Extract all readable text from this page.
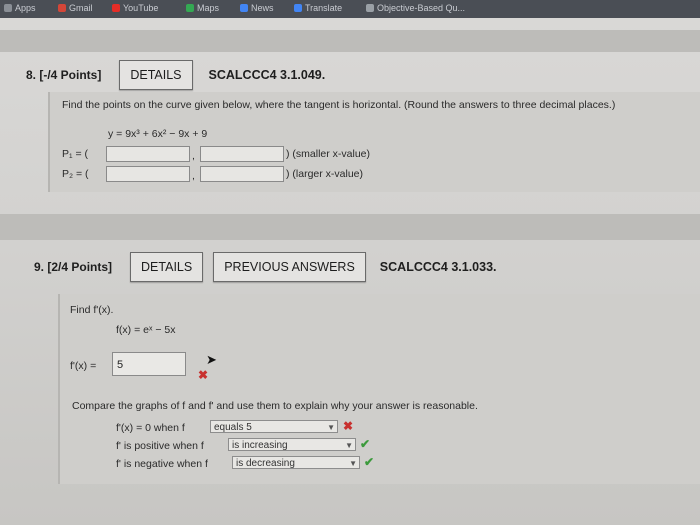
Apps	Gmail	YouTube	Maps	News	Translate	Objective-Based Qu...
8. [-/4 Points]	DETAILS	SCALCCC4 3.1.049.
Find the points on the curve given below, where the tangent is horizontal. (Round the answers to three decimal places.)
y = 9x³ + 6x² − 9x + 9
P₁ = (	,	) (smaller x-value)
P₂ = (	,	) (larger x-value)
9. [2/4 Points]	DETAILS	PREVIOUS ANSWERS	SCALCCC4 3.1.033.
Find f'(x).
f(x) = eˣ − 5x
f'(x) =	5	➤
✖
Compare the graphs of f and f' and use them to explain why your answer is reasonable.
f'(x) = 0 when f	equals 5	▼ ✖
f' is positive when f	is increasing	▼ ✔
f' is negative when f	is decreasing	▼ ✔
